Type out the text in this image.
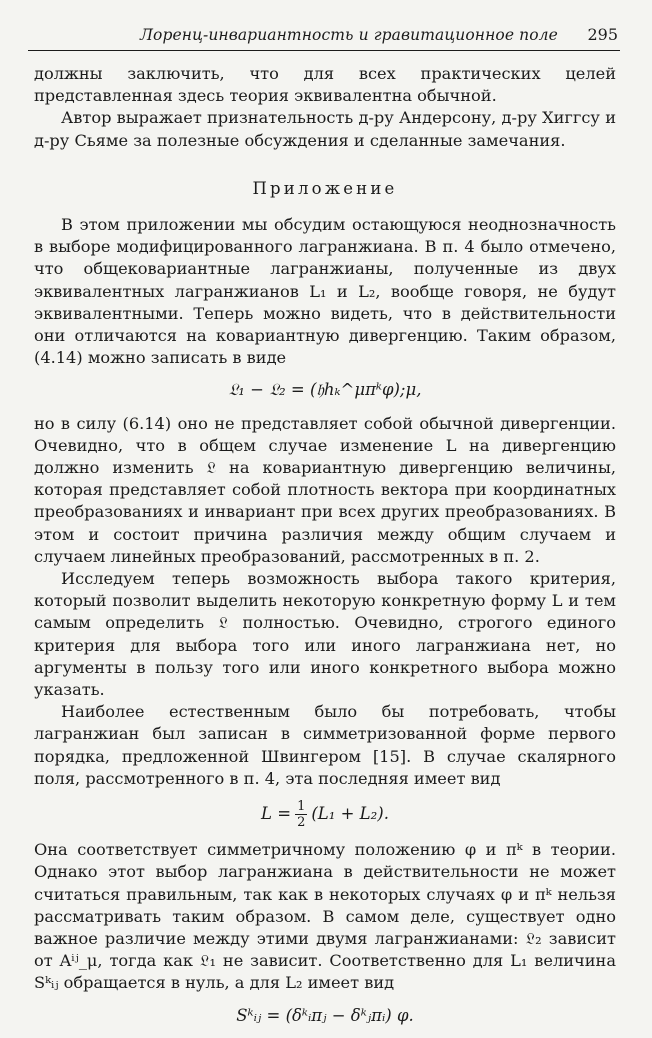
Лоренц-инвариантность и гравитационное поле 295

должны заключить, что для всех практических целей представленная здесь теория эквивалентна обычной.

Автор выражает признательность д-ру Андерсону, д-ру Хиггсу и д-ру Сьяме за полезные обсуждения и сделанные замечания.

Приложение

В этом приложении мы обсудим остающуюся неоднозначность в выборе модифицированного лагранжиана. В п. 4 было отмечено, что общековариантные лагранжианы, полученные из двух эквивалентных лагранжианов L₁ и L₂, вообще говоря, не будут эквивалентными. Теперь можно видеть, что в действительности они отличаются на ковариантную дивергенцию. Таким образом, (4.14) можно записать в виде

𝔏₁ − 𝔏₂ = (𝔥hₖ^μπᵏφ);μ,

но в силу (6.14) оно не представляет собой обычной дивергенции. Очевидно, что в общем случае изменение L на дивергенцию должно изменить 𝔏 на ковариантную дивергенцию величины, которая представляет собой плотность вектора при координатных преобразованиях и инвариант при всех других преобразованиях. В этом и состоит причина различия между общим случаем и случаем линейных преобразований, рассмотренных в п. 2.

Исследуем теперь возможность выбора такого критерия, который позволит выделить некоторую конкретную форму L и тем самым определить 𝔏 полностью. Очевидно, строгого единого критерия для выбора того или иного лагранжиана нет, но аргументы в пользу того или иного конкретного выбора можно указать.

Наиболее естественным было бы потребовать, чтобы лагранжиан был записан в симметризованной форме первого порядка, предложенной Швингером [15]. В случае скалярного поля, рассмотренного в п. 4, эта последняя имеет вид

$L = \frac{1}{2} (L_1 + L_2)$.

Она соответствует симметричному положению φ и πᵏ в теории. Однако этот выбор лагранжиана в действительности не может считаться правильным, так как в некоторых случаях φ и πᵏ нельзя рассматривать таким образом. В самом деле, существует одно важное различие между этими двумя лагранжианами: 𝔏₂ зависит от Aⁱʲ_μ, тогда как 𝔏₁ не зависит. Соответственно для L₁ величина Sᵏᵢⱼ обращается в нуль, а для L₂ имеет вид

Sᵏᵢⱼ = (δᵏᵢπⱼ − δᵏⱼπᵢ) φ.
